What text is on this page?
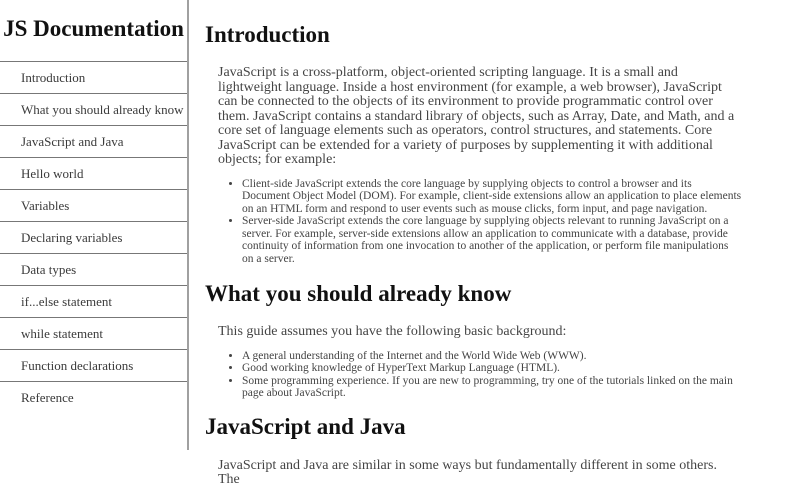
JS Documentation
Introduction
What you should already know
JavaScript and Java
Hello world
Variables
Declaring variables
Data types
if...else statement
while statement
Function declarations
Reference
Introduction

JavaScript is a cross-platform, object-oriented scripting language. It is a small and lightweight language. Inside a host environment (for example, a web browser), JavaScript can be connected to the objects of its environment to provide programmatic control over them. JavaScript contains a standard library of objects, such as Array, Date, and Math, and a core set of language elements such as operators, control structures, and statements. Core JavaScript can be extended for a variety of purposes by supplementing it with additional objects; for example:

• Client-side JavaScript extends the core language by supplying objects to control a browser and its Document Object Model (DOM). For example, client-side extensions allow an application to place elements on an HTML form and respond to user events such as mouse clicks, form input, and page navigation.
• Server-side JavaScript extends the core language by supplying objects relevant to running JavaScript on a server. For example, server-side extensions allow an application to communicate with a database, provide continuity of information from one invocation to another of the application, or perform file manipulations on a server.
What you should already know

This guide assumes you have the following basic background:

• A general understanding of the Internet and the World Wide Web (WWW).
• Good working knowledge of HyperText Markup Language (HTML).
• Some programming experience. If you are new to programming, try one of the tutorials linked on the main page about JavaScript.
JavaScript and Java

JavaScript and Java are similar in some ways but fundamentally different in some others. The
